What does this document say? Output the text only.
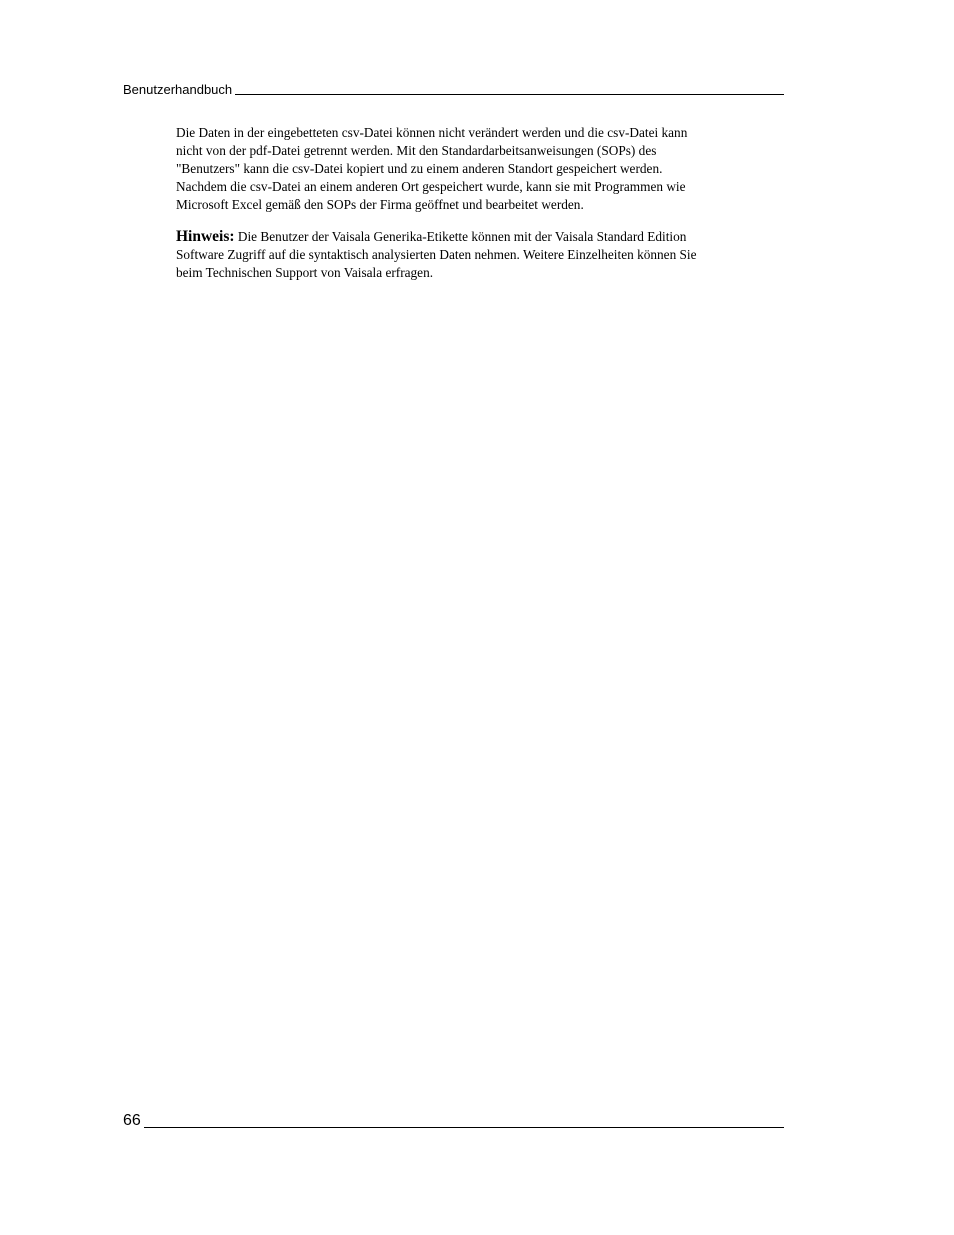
Benutzerhandbuch

Die Daten in der eingebetteten csv-Datei können nicht verändert werden und die csv-Datei kann
nicht von der pdf-Datei getrennt werden. Mit den Standardarbeitsanweisungen (SOPs) des
"Benutzers" kann die csv-Datei kopiert und zu einem anderen Standort gespeichert werden.
Nachdem die csv-Datei an einem anderen Ort gespeichert wurde, kann sie mit Programmen wie
Microsoft Excel gemäß den SOPs der Firma geöffnet und bearbeitet werden.

Hinweis: Die Benutzer der Vaisala Generika-Etikette können mit der Vaisala Standard Edition
Software Zugriff auf die syntaktisch analysierten Daten nehmen. Weitere Einzelheiten können Sie
beim Technischen Support von Vaisala erfragen.

66
